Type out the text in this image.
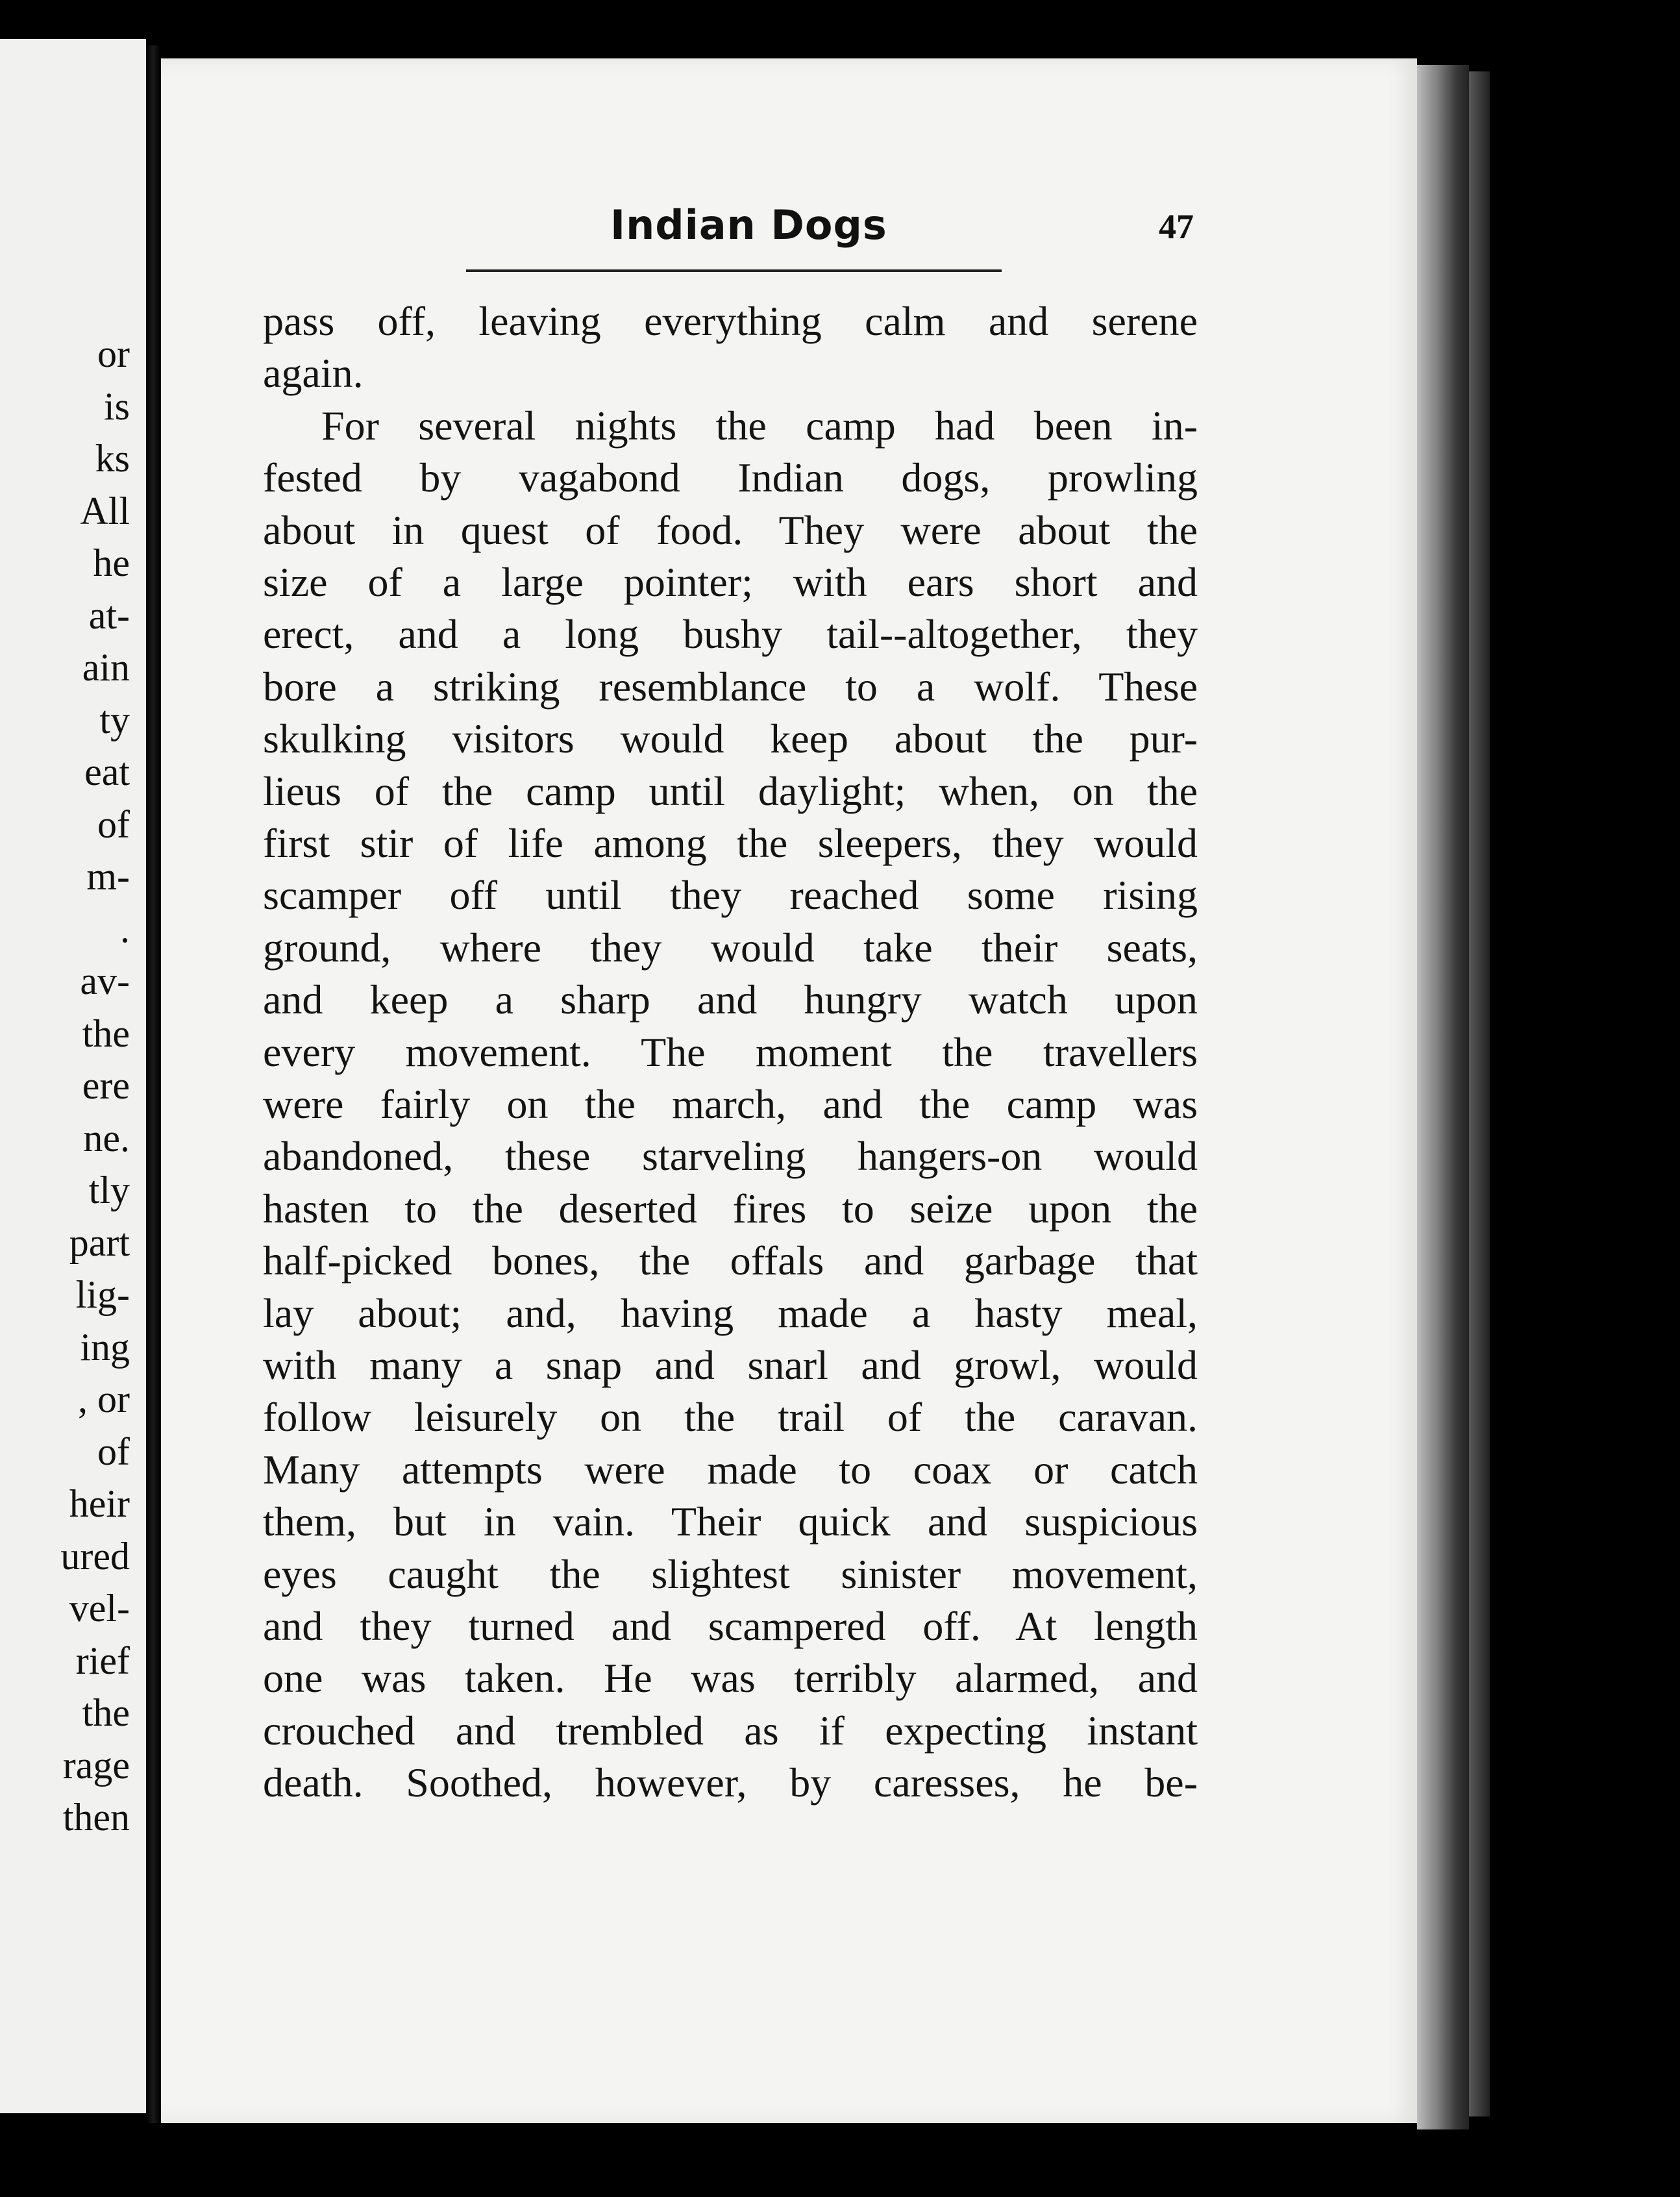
or
is
ks
All
he
at-
ain
ty
eat
of
m-
.
av-
the
ere
ne.
tly
part
lig-
ing
, or
of
heir
ured
vel-
rief
the
rage
then
Indian Dogs	47
pass off, leaving everything calm and serene
again.
For several nights the camp had been in-
fested by vagabond Indian dogs, prowling
about in quest of food. They were about the
size of a large pointer; with ears short and
erect, and a long bushy tail--altogether, they
bore a striking resemblance to a wolf. These
skulking visitors would keep about the pur-
lieus of the camp until daylight; when, on the
first stir of life among the sleepers, they would
scamper off until they reached some rising
ground, where they would take their seats,
and keep a sharp and hungry watch upon
every movement. The moment the travellers
were fairly on the march, and the camp was
abandoned, these starveling hangers-on would
hasten to the deserted fires to seize upon the
half-picked bones, the offals and garbage that
lay about; and, having made a hasty meal,
with many a snap and snarl and growl, would
follow leisurely on the trail of the caravan.
Many attempts were made to coax or catch
them, but in vain. Their quick and suspicious
eyes caught the slightest sinister movement,
and they turned and scampered off. At length
one was taken. He was terribly alarmed, and
crouched and trembled as if expecting instant
death. Soothed, however, by caresses, he be-
